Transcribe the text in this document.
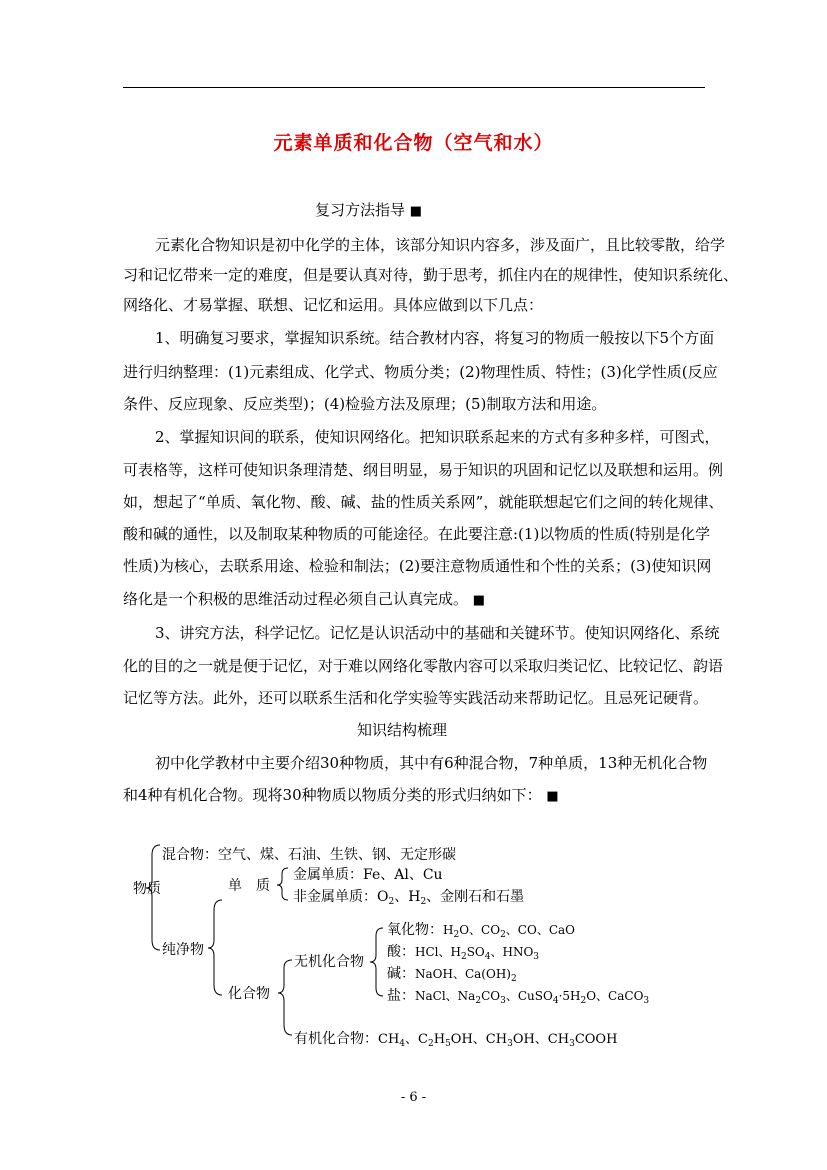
元素单质和化合物（空气和水）
复习方法指导 ■
元素化合物知识是初中化学的主体，该部分知识内容多，涉及面广，且比较零散，给学
习和记忆带来一定的难度，但是要认真对待，勤于思考，抓住内在的规律性，使知识系统化、
网络化、才易掌握、联想、记忆和运用。具体应做到以下几点：
1、明确复习要求，掌握知识系统。结合教材内容，将复习的物质一般按以下5个方面
进行归纳整理：(1)元素组成、化学式、物质分类；(2)物理性质、特性；(3)化学性质(反应
条件、反应现象、反应类型)；(4)检验方法及原理；(5)制取方法和用途。
2、掌握知识间的联系，使知识网络化。把知识联系起来的方式有多种多样，可图式，
可表格等，这样可使知识条理清楚、纲目明显，易于知识的巩固和记忆以及联想和运用。例
如，想起了“单质、氧化物、酸、碱、盐的性质关系网”，就能联想起它们之间的转化规律、
酸和碱的通性，以及制取某种物质的可能途径。在此要注意:(1)以物质的性质(特别是化学
性质)为核心，去联系用途、检验和制法；(2)要注意物质通性和个性的关系；(3)使知识网
络化是一个积极的思维活动过程必须自己认真完成。 ■
3、讲究方法，科学记忆。记忆是认识活动中的基础和关键环节。使知识网络化、系统
化的目的之一就是便于记忆，对于难以网络化零散内容可以采取归类记忆、比较记忆、韵语
记忆等方法。此外，还可以联系生活和化学实验等实践活动来帮助记忆。且忌死记硬背。
知识结构梳理
初中化学教材中主要介绍30种物质，其中有6种混合物，7种单质，13种无机化合物
和4种有机化合物。现将30种物质以物质分类的形式归纳如下： ■
物质
混合物：空气、煤、石油、生铁、钢、无定形碳
纯净物
单　质
金属单质：Fe、Al、Cu
非金属单质：$O_2$、$H_2$、金刚石和石墨
化合物
无机化合物
氧化物：$H_2O$、$CO_2$、CO、CaO
酸：HCl、$H_2SO_4$、$HNO_3$
碱：NaOH、$Ca(OH)_2$
盐：NaCl、$Na_2CO_3$、$CuSO_4\cdot 5H_2O$、CaCO$_3$
有机化合物：$CH_4$、$C_2H_5OH$、$CH_3OH$、$CH_3COOH$
- 6 -
